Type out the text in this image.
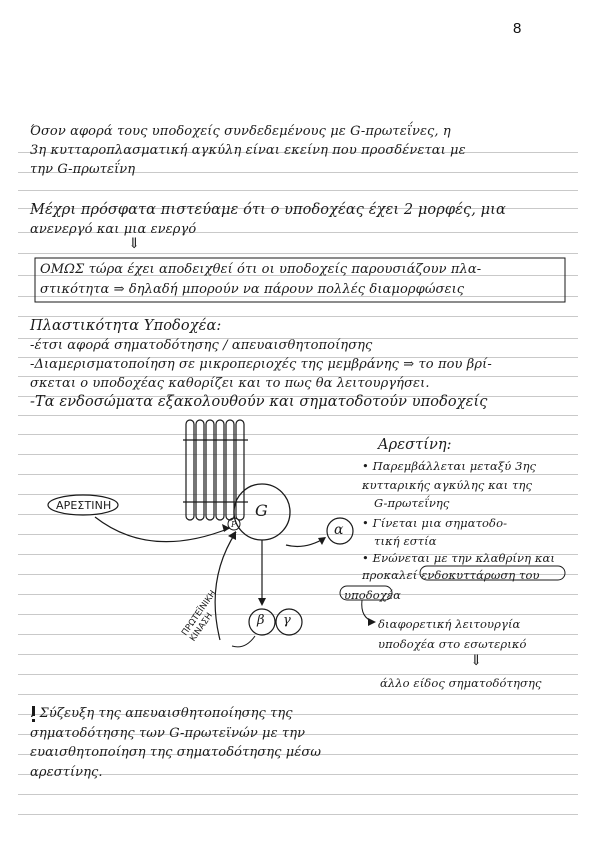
8
Όσον αφορά τους υποδοχείς συνδεδεμένους με G-πρωτεΐνες, η
3η κυτταροπλασματική αγκύλη είναι εκείνη που προσδένεται με
την G-πρωτεΐνη
Μέχρι πρόσφατα πιστεύαμε ότι ο υποδοχέας έχει 2 μορφές, μια
ανενεργό και μια ενεργό
⇓
ΟΜΩΣ τώρα έχει αποδειχθεί ότι οι υποδοχείς παρουσιάζουν πλα-
στικότητα ⇒ δηλαδή μπορούν να πάρουν πολλές διαμορφώσεις
Πλαστικότητα Υποδοχέα:
-έτσι αφορά σηματοδότησης / απευαισθητοποίησης
-Διαμερισματοποίηση σε μικροπεριοχές της μεμβράνης ⇒ το που βρί-
σκεται ο υποδοχέας καθορίζει και το πως θα λειτουργήσει.
-Τα ενδοσώματα εξακολουθούν και σηματοδοτούν υποδοχείς
ΑΡΕΣΤΙΝΗ	G
P	α
β γ
ΠΡΩΤΕΪΝΙΚΗ
ΚΙΝΑΣΗ
Αρεστίνη:
• Παρεμβάλλεται μεταξύ 3ης
κυτταρικής αγκύλης και της
G-πρωτεΐνης
• Γίνεται μια σηματοδο-
τική εστία
• Ενώνεται με την κλαθρίνη και
προκαλεί ενδοκυττάρωση του
υποδοχέα
διαφορετική λειτουργία
υποδοχέα στο εσωτερικό
⇓
άλλο είδος σηματοδότησης
! Σύζευξη της απευαισθητοποίησης της
σηματοδότησης των G-πρωτεϊνών με την
ευαισθητοποίηση της σηματοδότησης μέσω
αρεστίνης.
